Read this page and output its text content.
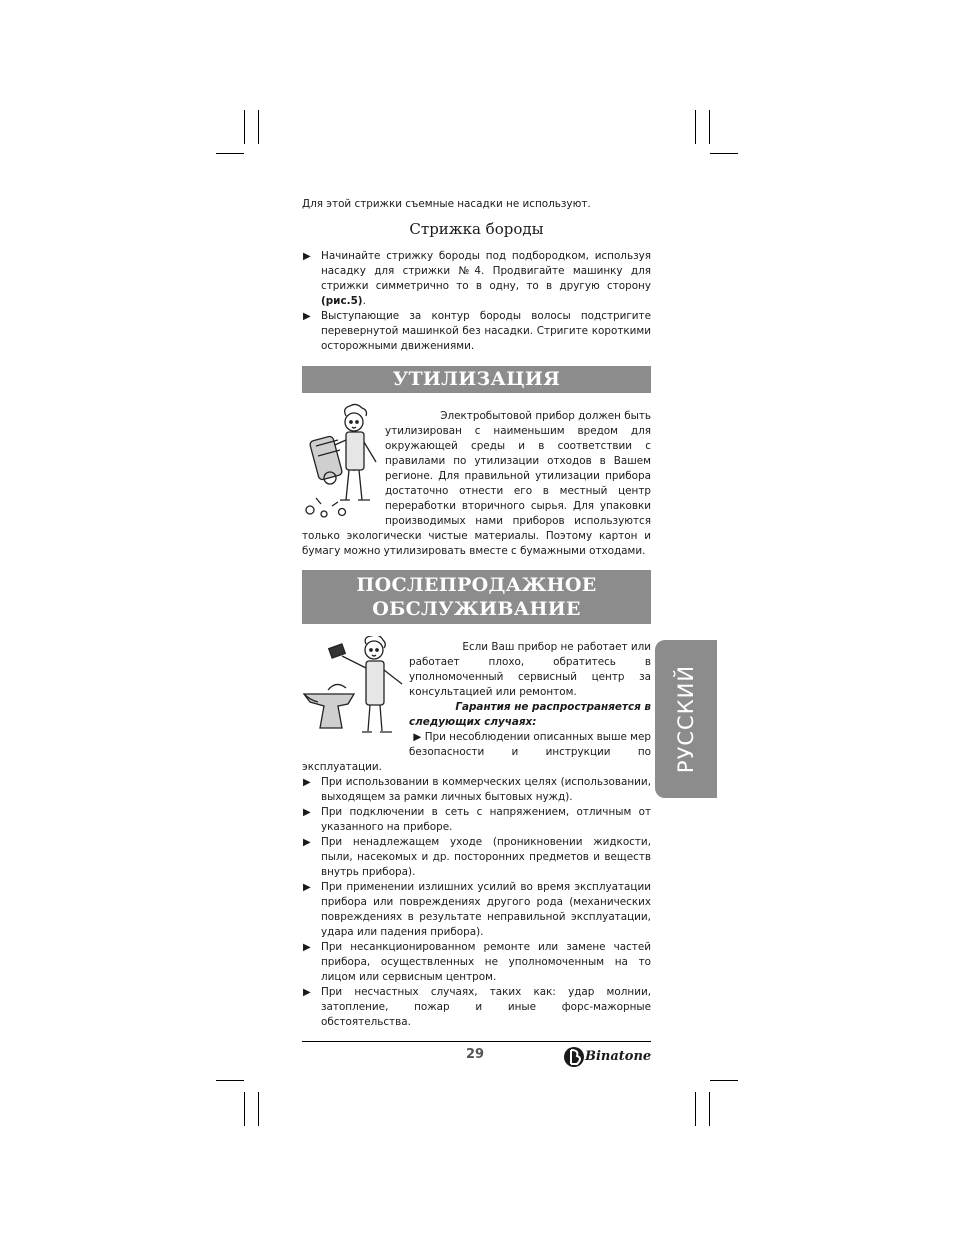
Для этой стрижки съемные насадки не используют.

Стрижка бороды

▶ Начинайте стрижку бороды под подбородком, используя насадку для стрижки №4. Продвигайте машинку для стрижки симметрично то в одну, то в другую сторону (рис.5).

▶ Выступающие за контур бороды волосы подстригите перевернутой машинкой без насадки. Стригите короткими осторожными движениями.

УТИЛИЗАЦИЯ

Электробытовой прибор должен быть

утилизирован с наименьшим вредом для

окружающей среды и в соответствии с

правилами по утилизации отходов в Вашем

регионе. Для правильной утилизации прибора

достаточно отнести его в местный центр

переработки вторичного сырья. Для упаковки

производимых нами приборов используются

только экологически чистые материалы. Поэтому картон и бумагу можно утилизировать вместе с бумажными отходами.

ПОСЛЕПРОДАЖНОЕ
ОБСЛУЖИВАНИЕ

Если Ваш прибор не работает или

работает плохо, обратитесь в

уполномоченный сервисный центр за

консультацией или ремонтом.

Гарантия не распространяется в

следующих случаях:

▶ При несоблюдении описанных выше мер

безопасности и инструкции по

эксплуатации.

▶ При использовании в коммерческих целях (использовании, выходящем за рамки личных бытовых нужд).

▶ При подключении в сеть с напряжением, отличным от указанного на приборе.

▶ При ненадлежащем уходе (проникновении жидкости, пыли, насекомых и др. посторонних предметов и веществ внутрь прибора).

▶ При применении излишних усилий во время эксплуатации прибора или повреждениях другого рода (механических повреждениях в результате неправильной эксплуатации, удара или падения прибора).

▶ При несанкционированном ремонте или замене частей прибора, осуществленных не уполномоченным на то лицом или сервисным центром.

▶ При несчастных случаях, таких как: удар молнии, затопление, пожар и иные форс-мажорные обстоятельства.

РУССКИЙ
29	Binatone
